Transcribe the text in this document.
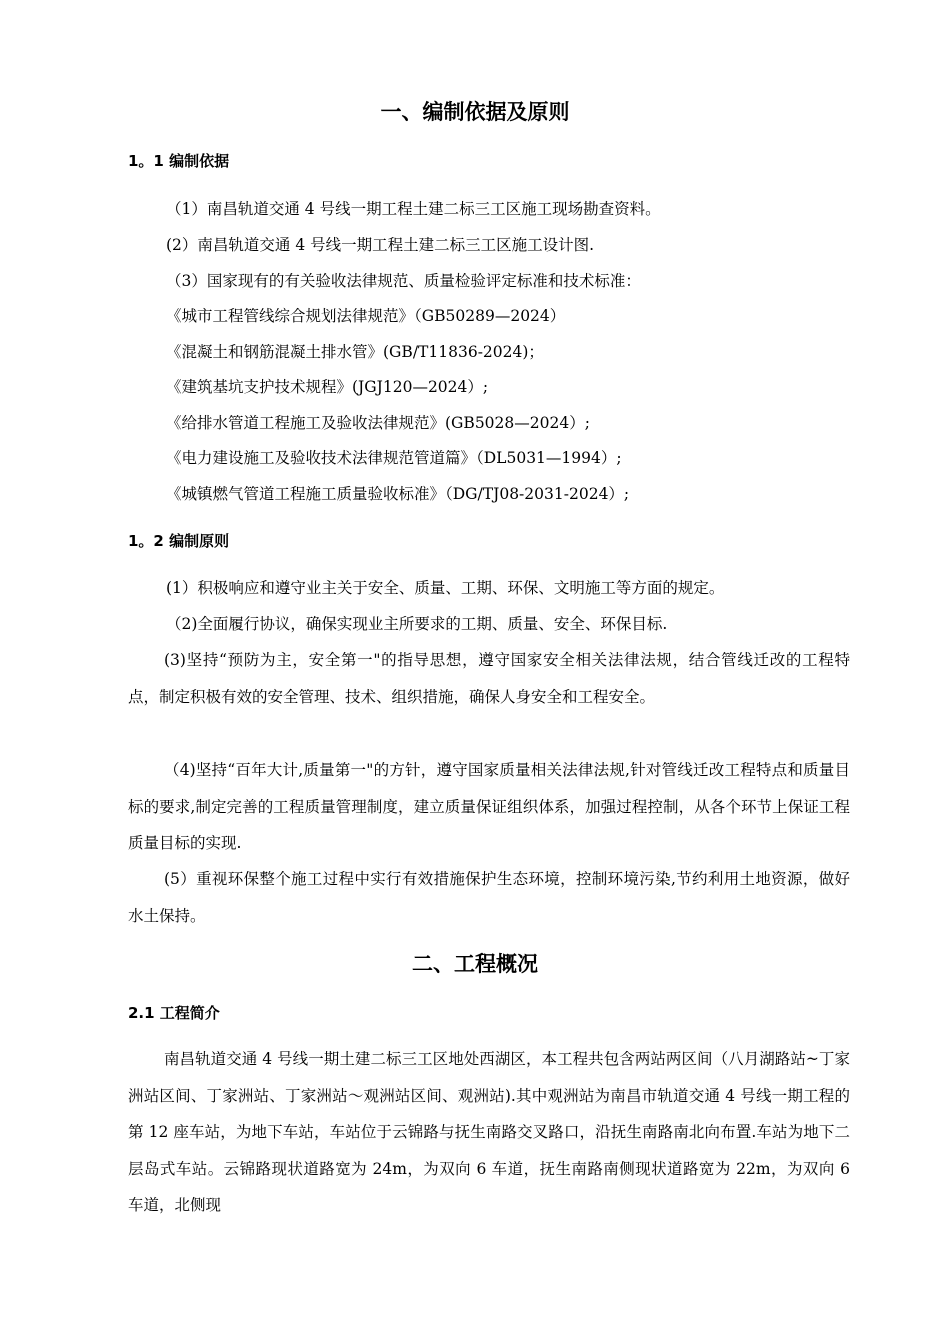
一、编制依据及原则
1。1 编制依据
（1）南昌轨道交通 4 号线一期工程土建二标三工区施工现场勘查资料。
(2）南昌轨道交通 4 号线一期工程土建二标三工区施工设计图.
（3）国家现有的有关验收法律规范、质量检验评定标准和技术标准：
《城市工程管线综合规划法律规范》（GB50289—2024）
《混凝土和钢筋混凝土排水管》(GB/T11836-2024)；
《建筑基坑支护技术规程》(JGJ120—2024）;
《给排水管道工程施工及验收法律规范》(GB5028—2024）;
《电力建设施工及验收技术法律规范管道篇》（DL5031—1994）;
《城镇燃气管道工程施工质量验收标准》（DG/TJ08-2031-2024）;
1。2 编制原则
(1）积极响应和遵守业主关于安全、质量、工期、环保、文明施工等方面的规定。
（2)全面履行协议，确保实现业主所要求的工期、质量、安全、环保目标.
(3)坚持“预防为主，安全第一"的指导思想，遵守国家安全相关法律法规，结合管线迁改的工程特点，制定积极有效的安全管理、技术、组织措施，确保人身安全和工程安全。
（4)坚持“百年大计,质量第一"的方针，遵守国家质量相关法律法规,针对管线迁改工程特点和质量目标的要求,制定完善的工程质量管理制度，建立质量保证组织体系，加强过程控制，从各个环节上保证工程质量目标的实现.
(5）重视环保整个施工过程中实行有效措施保护生态环境，控制环境污染,节约利用土地资源，做好水土保持。
二、工程概况
2.1 工程简介
南昌轨道交通 4 号线一期土建二标三工区地处西湖区，本工程共包含两站两区间（八月湖路站~丁家洲站区间、丁家洲站、丁家洲站～观洲站区间、观洲站).其中观洲站为南昌市轨道交通 4 号线一期工程的第 12 座车站，为地下车站，车站位于云锦路与抚生南路交叉路口，沿抚生南路南北向布置.车站为地下二层岛式车站。云锦路现状道路宽为 24m，为双向 6 车道，抚生南路南侧现状道路宽为 22m，为双向 6 车道，北侧现
